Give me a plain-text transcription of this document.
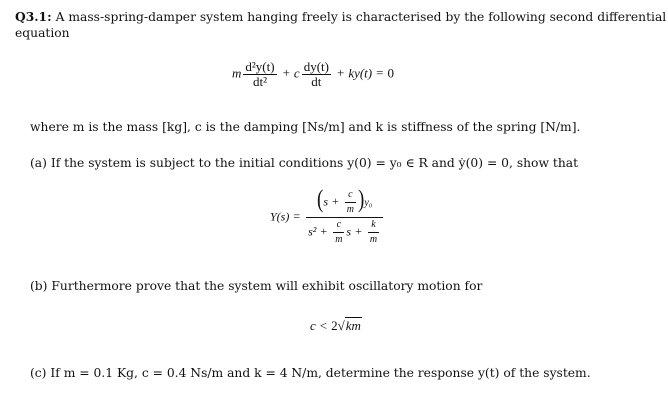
Q3.1: A mass-spring-damper system hanging freely is characterised by the following second differential
equation
m $\frac{\text{d²y(t)}}{\text{dt²}} + c \frac{dy(t)}{dt} + ky(t) = 0$
where m is the mass [kg], c is the damping [Ns/m] and k is stiffness of the spring [N/m].
(a) If the system is subject to the initial conditions y(0) = y₀ ∈ R and ẏ(0) = 0, show that
$Y(s) = \frac{(s + \frac{c}{m} )y_0}{s^2 + \frac{c}{m} s + \frac{k}{m}}$
(b) Furthermore prove that the system will exhibit oscillatory motion for
c < 2√km
(c) If m = 0.1 Kg, c = 0.4 Ns/m and k = 4 N/m, determine the response y(t) of the system.
